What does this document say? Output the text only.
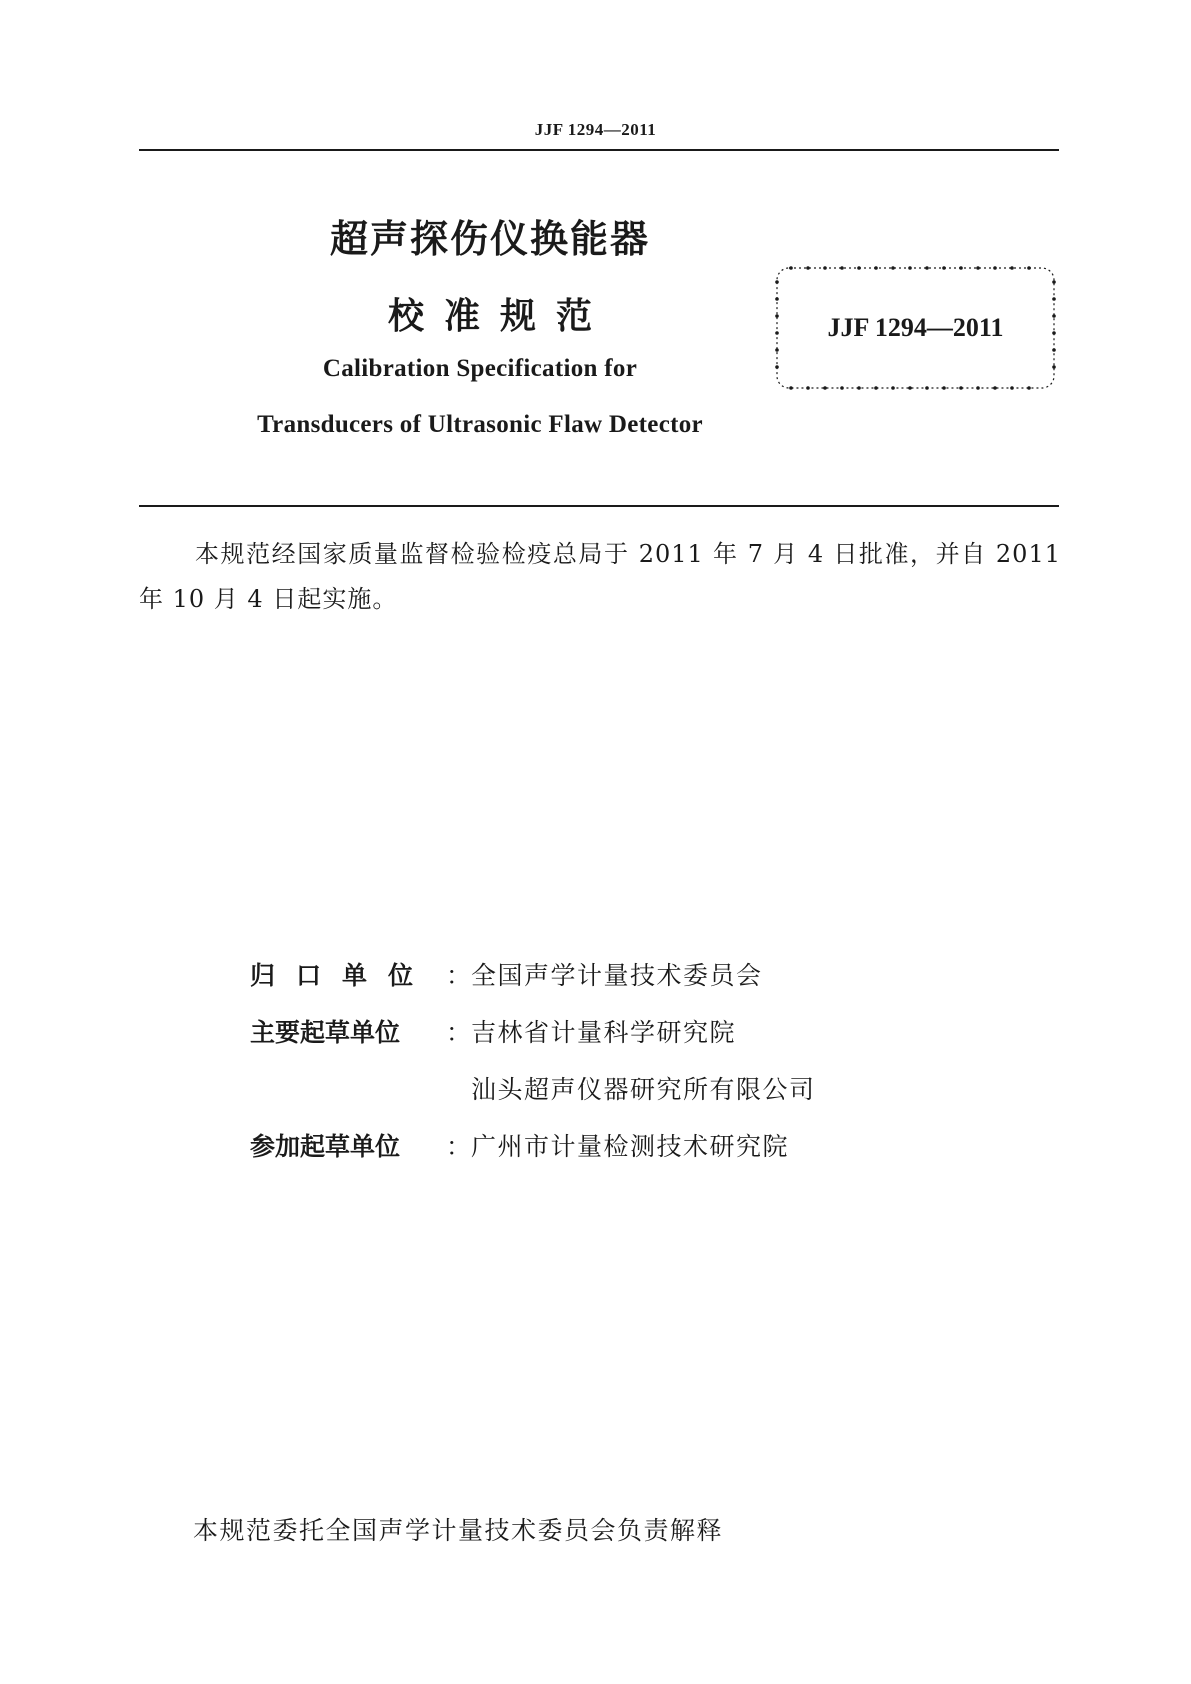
JJF 1294—2011
超声探伤仪换能器
校准规范
Calibration Specification for
Transducers of Ultrasonic Flaw Detector
JJF 1294—2011
本规范经国家质量监督检验检疫总局于 2011 年 7 月 4 日批准，并自 2011 年 10 月 4 日起实施。
归口单位 ：全国声学计量技术委员会
主要起草单位 ：吉林省计量科学研究院
汕头超声仪器研究所有限公司
参加起草单位 ：广州市计量检测技术研究院
本规范委托全国声学计量技术委员会负责解释
